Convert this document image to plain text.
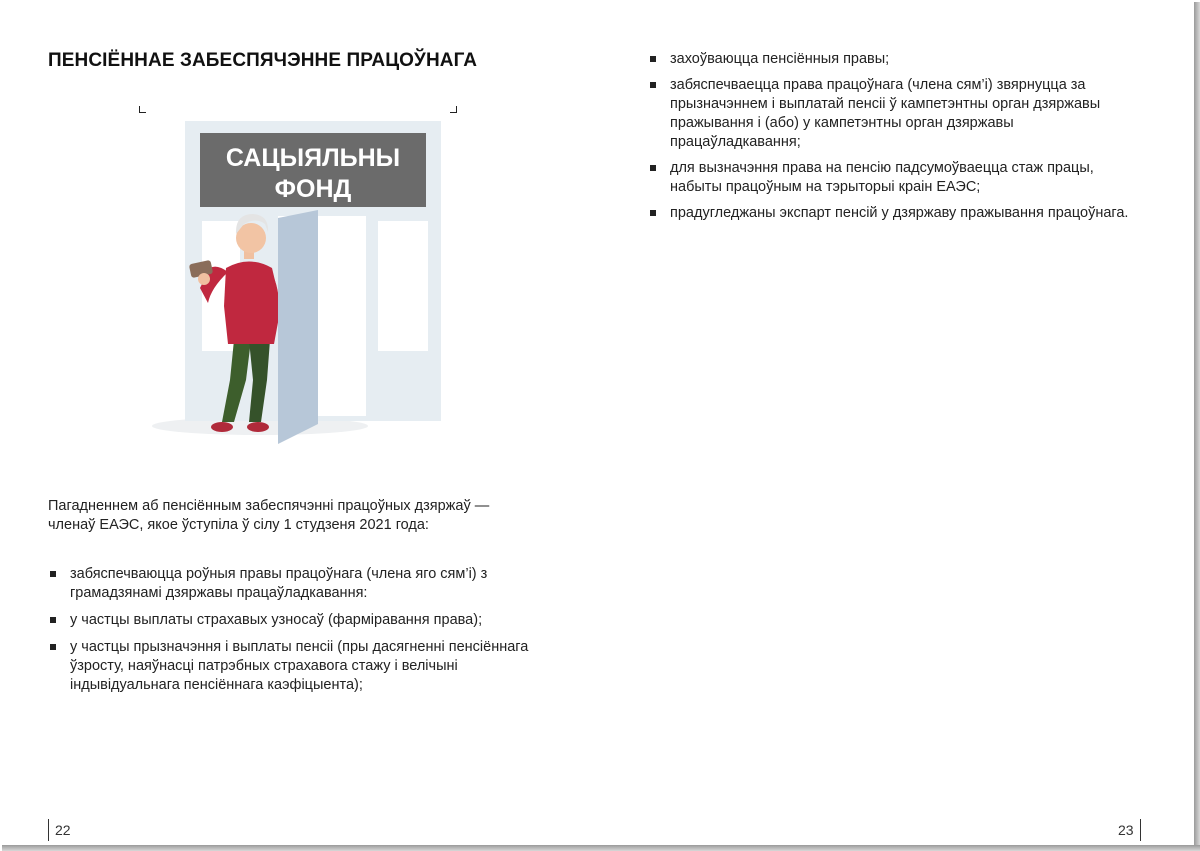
ПЕНСІЁННАЕ ЗАБЕСПЯЧЭННЕ ПРАЦОЎНАГА
САЦЫЯЛЬНЫ
ФОНД

Пагадненнем аб пенсіённым забеспячэнні працоўных дзяржаў — членаў ЕАЭС, якое ўступіла ў сілу 1 студзеня 2021 года:

забяспечваюцца роўныя правы працоўнага (члена яго сям’і) з грамадзянамі дзяржавы працаўладкавання:
у частцы выплаты страхавых узносаў (фарміравання права);
у частцы прызначэння і выплаты пенсіі (пры дасягненні пенсіённага ўзросту, наяўнасці патрэбных страхавога стажу і велічыні індывідуальнага пенсіённага каэфіцыента);
захоўваюцца пенсіённыя правы;
забяспечваецца права працоўнага (члена сям’і) звярнуцца за прызначэннем і выплатай пенсіі ў кампетэнтны орган дзяржавы пражывання і (або) у кампетэнтны орган дзяржавы працаўладкавання;
для вызначэння права на пенсію падсумоўваецца стаж працы, набыты працоўным на тэрыторыі краін ЕАЭС;
прадугледжаны экспарт пенсій у дзяржаву пражывання працоўнага.
22	23
